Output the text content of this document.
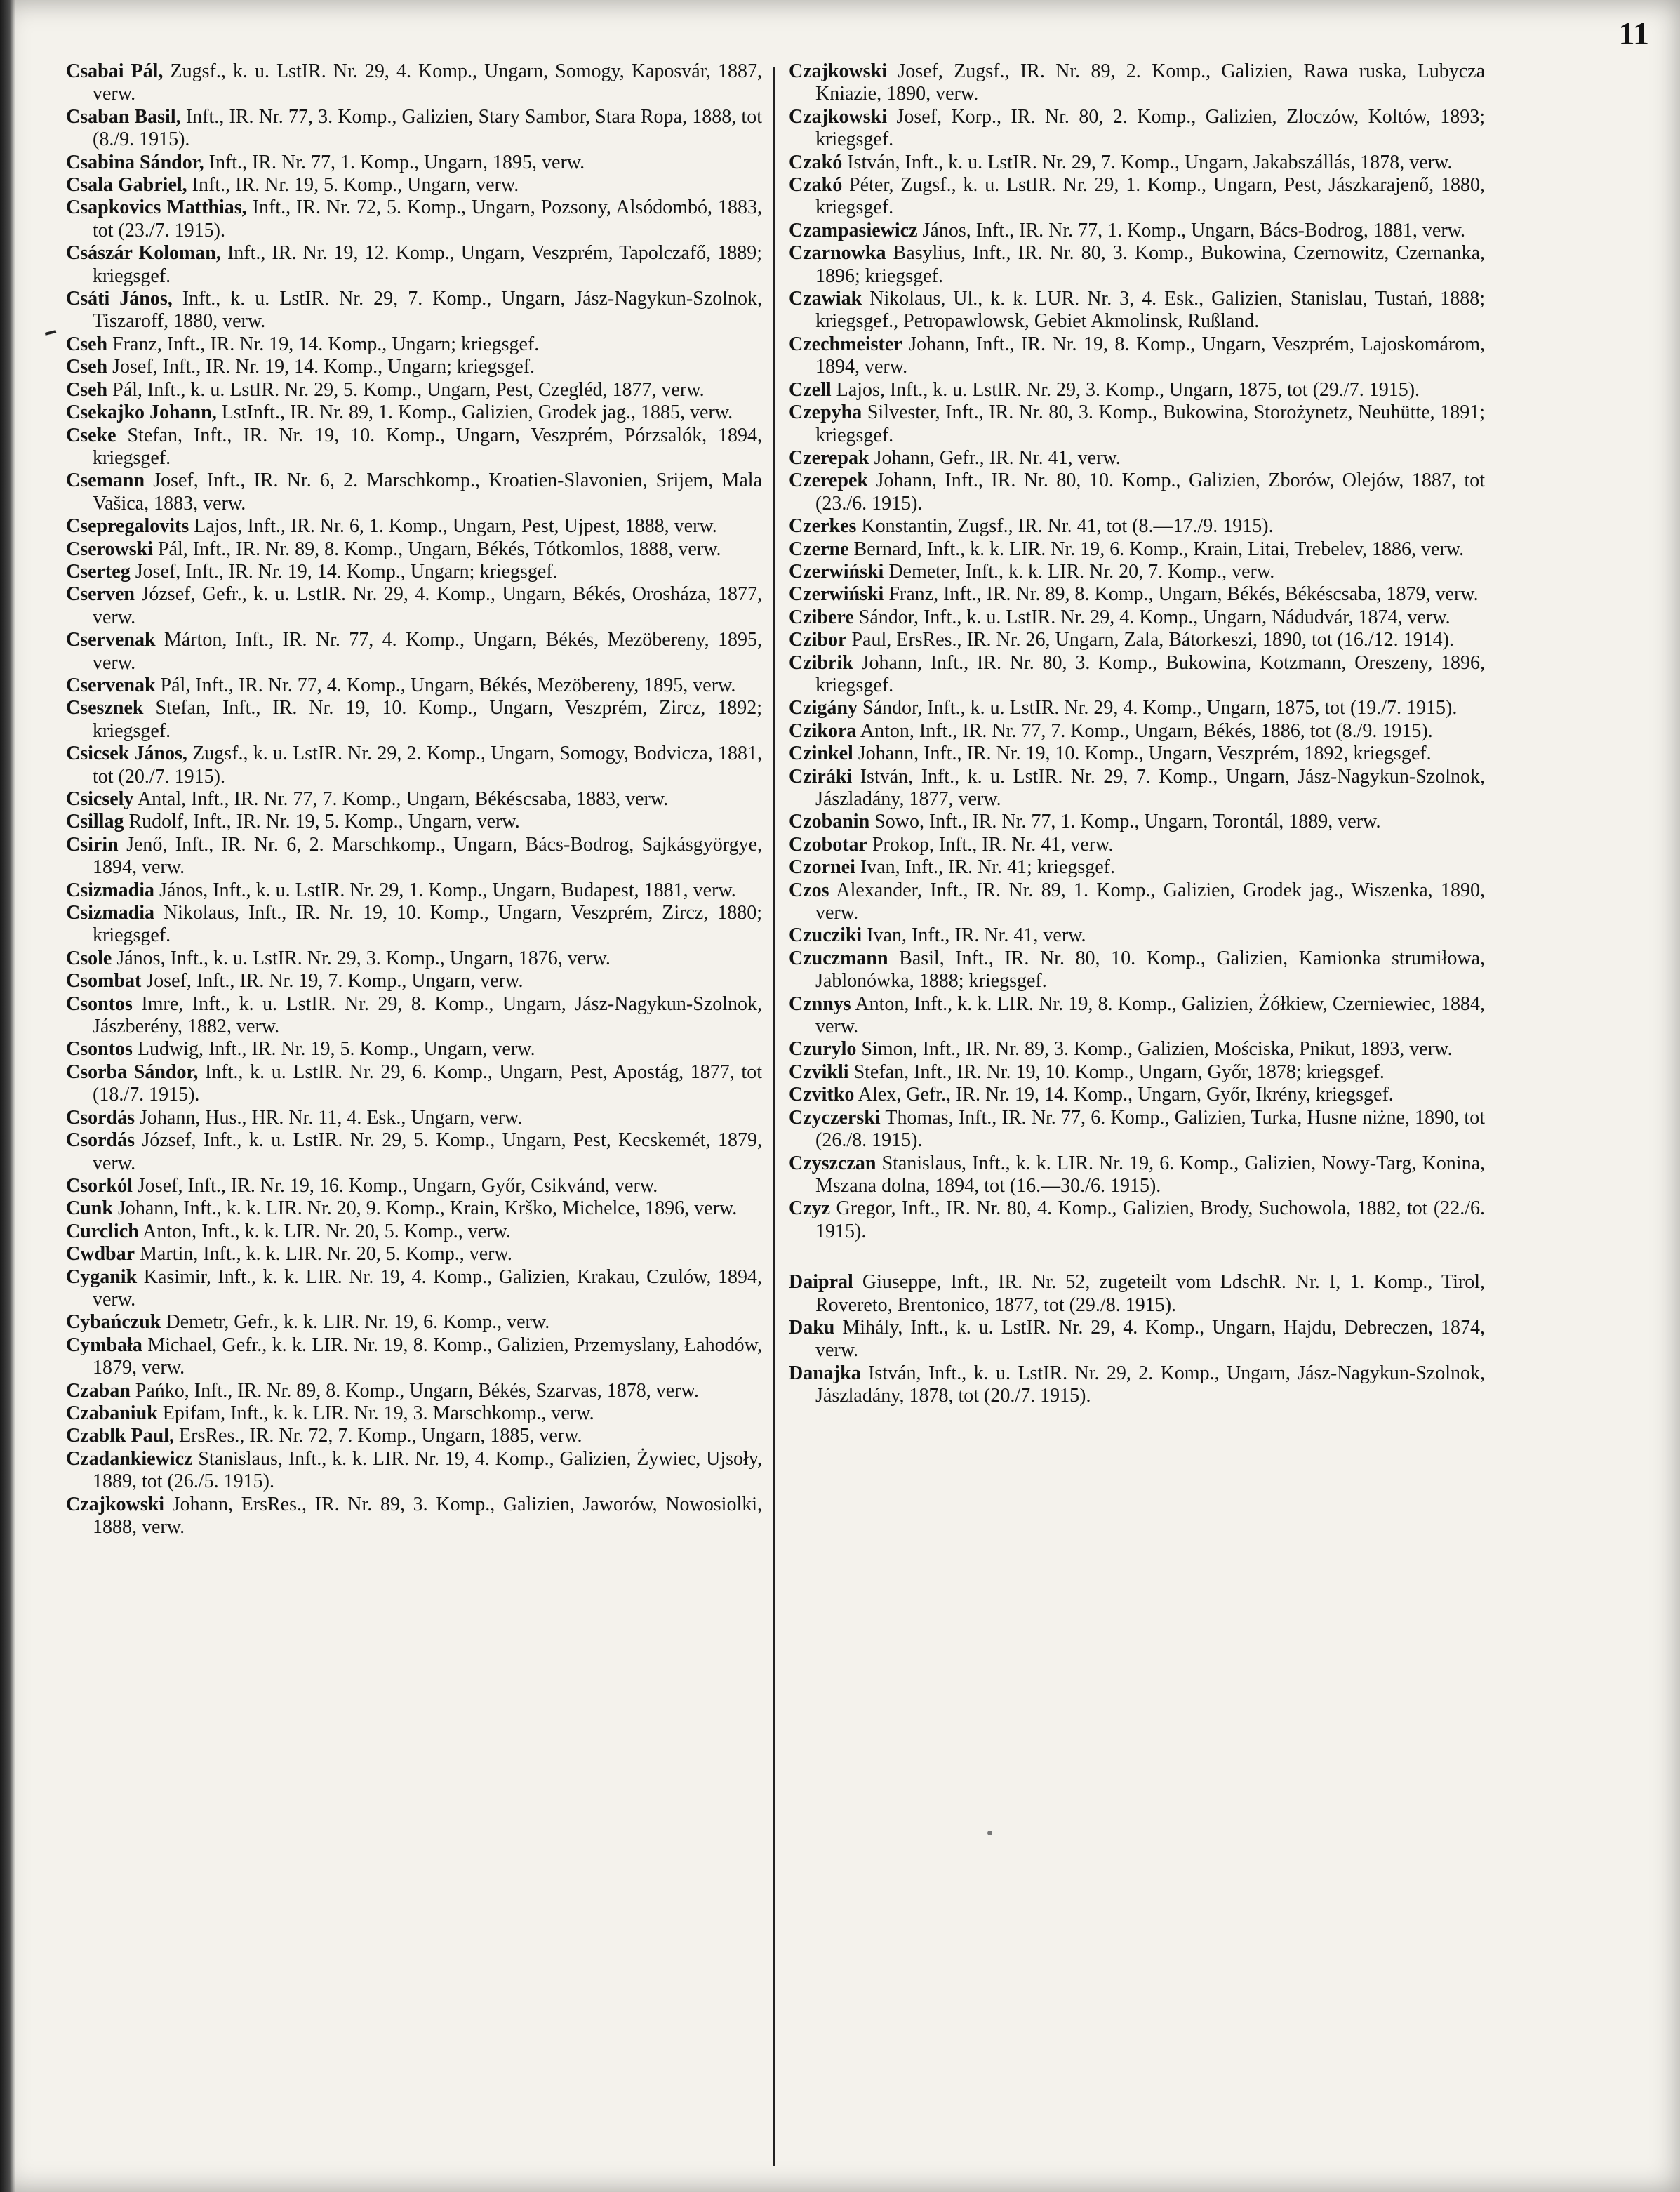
11
Csabai Pál, Zugsf., k. u. LstIR. Nr. 29, 4. Komp., Ungarn, Somogy, Kaposvár, 1887, verw.
Csaban Basil, Inft., IR. Nr. 77, 3. Komp., Galizien, Stary Sambor, Stara Ropa, 1888, tot (8./9. 1915).
Csabina Sándor, Inft., IR. Nr. 77, 1. Komp., Ungarn, 1895, verw.
Csala Gabriel, Inft., IR. Nr. 19, 5. Komp., Ungarn, verw.
Csapkovics Matthias, Inft., IR. Nr. 72, 5. Komp., Ungarn, Pozsony, Alsódombó, 1883, tot (23./7. 1915).
Császár Koloman, Inft., IR. Nr. 19, 12. Komp., Ungarn, Veszprém, Tapolczafő, 1889; kriegsgef.
Csáti János, Inft., k. u. LstIR. Nr. 29, 7. Komp., Ungarn, Jász-Nagykun-Szolnok, Tiszaroff, 1880, verw.
Cseh Franz, Inft., IR. Nr. 19, 14. Komp., Ungarn; kriegsgef.
Cseh Josef, Inft., IR. Nr. 19, 14. Komp., Ungarn; kriegsgef.
Cseh Pál, Inft., k. u. LstIR. Nr. 29, 5. Komp., Ungarn, Pest, Czegléd, 1877, verw.
Csekajko Johann, LstInft., IR. Nr. 89, 1. Komp., Galizien, Grodek jag., 1885, verw.
Cseke Stefan, Inft., IR. Nr. 19, 10. Komp., Ungarn, Veszprém, Pórzsalók, 1894, kriegsgef.
Csemann Josef, Inft., IR. Nr. 6, 2. Marschkomp., Kroatien-Slavonien, Srijem, Mala Vašica, 1883, verw.
Csepregalovits Lajos, Inft., IR. Nr. 6, 1. Komp., Ungarn, Pest, Ujpest, 1888, verw.
Cserowski Pál, Inft., IR. Nr. 89, 8. Komp., Ungarn, Békés, Tótkomlos, 1888, verw.
Cserteg Josef, Inft., IR. Nr. 19, 14. Komp., Ungarn; kriegsgef.
Cserven József, Gefr., k. u. LstIR. Nr. 29, 4. Komp., Ungarn, Békés, Orosháza, 1877, verw.
Cservenak Márton, Inft., IR. Nr. 77, 4. Komp., Ungarn, Békés, Mezöbereny, 1895, verw.
Cservenak Pál, Inft., IR. Nr. 77, 4. Komp., Ungarn, Békés, Mezöbereny, 1895, verw.
Csesznek Stefan, Inft., IR. Nr. 19, 10. Komp., Ungarn, Veszprém, Zircz, 1892; kriegsgef.
Csicsek János, Zugsf., k. u. LstIR. Nr. 29, 2. Komp., Ungarn, Somogy, Bodvicza, 1881, tot (20./7. 1915).
Csicsely Antal, Inft., IR. Nr. 77, 7. Komp., Ungarn, Békéscsaba, 1883, verw.
Csillag Rudolf, Inft., IR. Nr. 19, 5. Komp., Ungarn, verw.
Csirin Jenő, Inft., IR. Nr. 6, 2. Marschkomp., Ungarn, Bács-Bodrog, Sajkásgyörgye, 1894, verw.
Csizmadia János, Inft., k. u. LstIR. Nr. 29, 1. Komp., Ungarn, Budapest, 1881, verw.
Csizmadia Nikolaus, Inft., IR. Nr. 19, 10. Komp., Ungarn, Veszprém, Zircz, 1880; kriegsgef.
Csole János, Inft., k. u. LstIR. Nr. 29, 3. Komp., Ungarn, 1876, verw.
Csombat Josef, Inft., IR. Nr. 19, 7. Komp., Ungarn, verw.
Csontos Imre, Inft., k. u. LstIR. Nr. 29, 8. Komp., Ungarn, Jász-Nagykun-Szolnok, Jászberény, 1882, verw.
Csontos Ludwig, Inft., IR. Nr. 19, 5. Komp., Ungarn, verw.
Csorba Sándor, Inft., k. u. LstIR. Nr. 29, 6. Komp., Ungarn, Pest, Apostág, 1877, tot (18./7. 1915).
Csordás Johann, Hus., HR. Nr. 11, 4. Esk., Ungarn, verw.
Csordás József, Inft., k. u. LstIR. Nr. 29, 5. Komp., Ungarn, Pest, Kecskemét, 1879, verw.
Csorkól Josef, Inft., IR. Nr. 19, 16. Komp., Ungarn, Győr, Csikvánd, verw.
Cunk Johann, Inft., k. k. LIR. Nr. 20, 9. Komp., Krain, Krško, Michelce, 1896, verw.
Curclich Anton, Inft., k. k. LIR. Nr. 20, 5. Komp., verw.
Cwdbar Martin, Inft., k. k. LIR. Nr. 20, 5. Komp., verw.
Cyganik Kasimir, Inft., k. k. LIR. Nr. 19, 4. Komp., Galizien, Krakau, Czulów, 1894, verw.
Cybańczuk Demetr, Gefr., k. k. LIR. Nr. 19, 6. Komp., verw.
Cymbała Michael, Gefr., k. k. LIR. Nr. 19, 8. Komp., Galizien, Przemyslany, Łahodów, 1879, verw.
Czaban Pańko, Inft., IR. Nr. 89, 8. Komp., Ungarn, Békés, Szarvas, 1878, verw.
Czabaniuk Epifam, Inft., k. k. LIR. Nr. 19, 3. Marschkomp., verw.
Czablk Paul, ErsRes., IR. Nr. 72, 7. Komp., Ungarn, 1885, verw.
Czadankiewicz Stanislaus, Inft., k. k. LIR. Nr. 19, 4. Komp., Galizien, Żywiec, Ujsoły, 1889, tot (26./5. 1915).
Czajkowski Johann, ErsRes., IR. Nr. 89, 3. Komp., Galizien, Jaworów, Nowosiolki, 1888, verw.
Czajkowski Josef, Zugsf., IR. Nr. 89, 2. Komp., Galizien, Rawa ruska, Lubycza Kniazie, 1890, verw.
Czajkowski Josef, Korp., IR. Nr. 80, 2. Komp., Galizien, Zloczów, Koltów, 1893; kriegsgef.
Czakó István, Inft., k. u. LstIR. Nr. 29, 7. Komp., Ungarn, Jakabszállás, 1878, verw.
Czakó Péter, Zugsf., k. u. LstIR. Nr. 29, 1. Komp., Ungarn, Pest, Jászkarajenő, 1880, kriegsgef.
Czampasiewicz János, Inft., IR. Nr. 77, 1. Komp., Ungarn, Bács-Bodrog, 1881, verw.
Czarnowka Basylius, Inft., IR. Nr. 80, 3. Komp., Bukowina, Czernowitz, Czernanka, 1896; kriegsgef.
Czawiak Nikolaus, Ul., k. k. LUR. Nr. 3, 4. Esk., Galizien, Stanislau, Tustań, 1888; kriegsgef., Petropawlowsk, Gebiet Akmolinsk, Rußland.
Czechmeister Johann, Inft., IR. Nr. 19, 8. Komp., Ungarn, Veszprém, Lajoskomárom, 1894, verw.
Czell Lajos, Inft., k. u. LstIR. Nr. 29, 3. Komp., Ungarn, 1875, tot (29./7. 1915).
Czepyha Silvester, Inft., IR. Nr. 80, 3. Komp., Bukowina, Storożynetz, Neuhütte, 1891; kriegsgef.
Czerepak Johann, Gefr., IR. Nr. 41, verw.
Czerepek Johann, Inft., IR. Nr. 80, 10. Komp., Galizien, Zborów, Olejów, 1887, tot (23./6. 1915).
Czerkes Konstantin, Zugsf., IR. Nr. 41, tot (8.—17./9. 1915).
Czerne Bernard, Inft., k. k. LIR. Nr. 19, 6. Komp., Krain, Litai, Trebelev, 1886, verw.
Czerwiński Demeter, Inft., k. k. LIR. Nr. 20, 7. Komp., verw.
Czerwiński Franz, Inft., IR. Nr. 89, 8. Komp., Ungarn, Békés, Békéscsaba, 1879, verw.
Czibere Sándor, Inft., k. u. LstIR. Nr. 29, 4. Komp., Ungarn, Nádudvár, 1874, verw.
Czibor Paul, ErsRes., IR. Nr. 26, Ungarn, Zala, Bátorkeszi, 1890, tot (16./12. 1914).
Czibrik Johann, Inft., IR. Nr. 80, 3. Komp., Bukowina, Kotzmann, Oreszeny, 1896, kriegsgef.
Czigány Sándor, Inft., k. u. LstIR. Nr. 29, 4. Komp., Ungarn, 1875, tot (19./7. 1915).
Czikora Anton, Inft., IR. Nr. 77, 7. Komp., Ungarn, Békés, 1886, tot (8./9. 1915).
Czinkel Johann, Inft., IR. Nr. 19, 10. Komp., Ungarn, Veszprém, 1892, kriegsgef.
Cziráki István, Inft., k. u. LstIR. Nr. 29, 7. Komp., Ungarn, Jász-Nagykun-Szolnok, Jászladány, 1877, verw.
Czobanin Sowo, Inft., IR. Nr. 77, 1. Komp., Ungarn, Torontál, 1889, verw.
Czobotar Prokop, Inft., IR. Nr. 41, verw.
Czornei Ivan, Inft., IR. Nr. 41; kriegsgef.
Czos Alexander, Inft., IR. Nr. 89, 1. Komp., Galizien, Grodek jag., Wiszenka, 1890, verw.
Czucziki Ivan, Inft., IR. Nr. 41, verw.
Czuczmann Basil, Inft., IR. Nr. 80, 10. Komp., Galizien, Kamionka strumiłowa, Jablonówka, 1888; kriegsgef.
Cznnys Anton, Inft., k. k. LIR. Nr. 19, 8. Komp., Galizien, Żółkiew, Czerniewiec, 1884, verw.
Czurylo Simon, Inft., IR. Nr. 89, 3. Komp., Galizien, Mościska, Pnikut, 1893, verw.
Czvikli Stefan, Inft., IR. Nr. 19, 10. Komp., Ungarn, Győr, 1878; kriegsgef.
Czvitko Alex, Gefr., IR. Nr. 19, 14. Komp., Ungarn, Győr, Ikrény, kriegsgef.
Czyczerski Thomas, Inft., IR. Nr. 77, 6. Komp., Galizien, Turka, Husne niżne, 1890, tot (26./8. 1915).
Czyszczan Stanislaus, Inft., k. k. LIR. Nr. 19, 6. Komp., Galizien, Nowy-Targ, Konina, Mszana dolna, 1894, tot (16.—30./6. 1915).
Czyz Gregor, Inft., IR. Nr. 80, 4. Komp., Galizien, Brody, Suchowola, 1882, tot (22./6. 1915).
Daipral Giuseppe, Inft., IR. Nr. 52, zugeteilt vom LdschR. Nr. I, 1. Komp., Tirol, Rovereto, Brentonico, 1877, tot (29./8. 1915).
Daku Mihály, Inft., k. u. LstIR. Nr. 29, 4. Komp., Ungarn, Hajdu, Debreczen, 1874, verw.
Danajka István, Inft., k. u. LstIR. Nr. 29, 2. Komp., Ungarn, Jász-Nagykun-Szolnok, Jászladány, 1878, tot (20./7. 1915).
